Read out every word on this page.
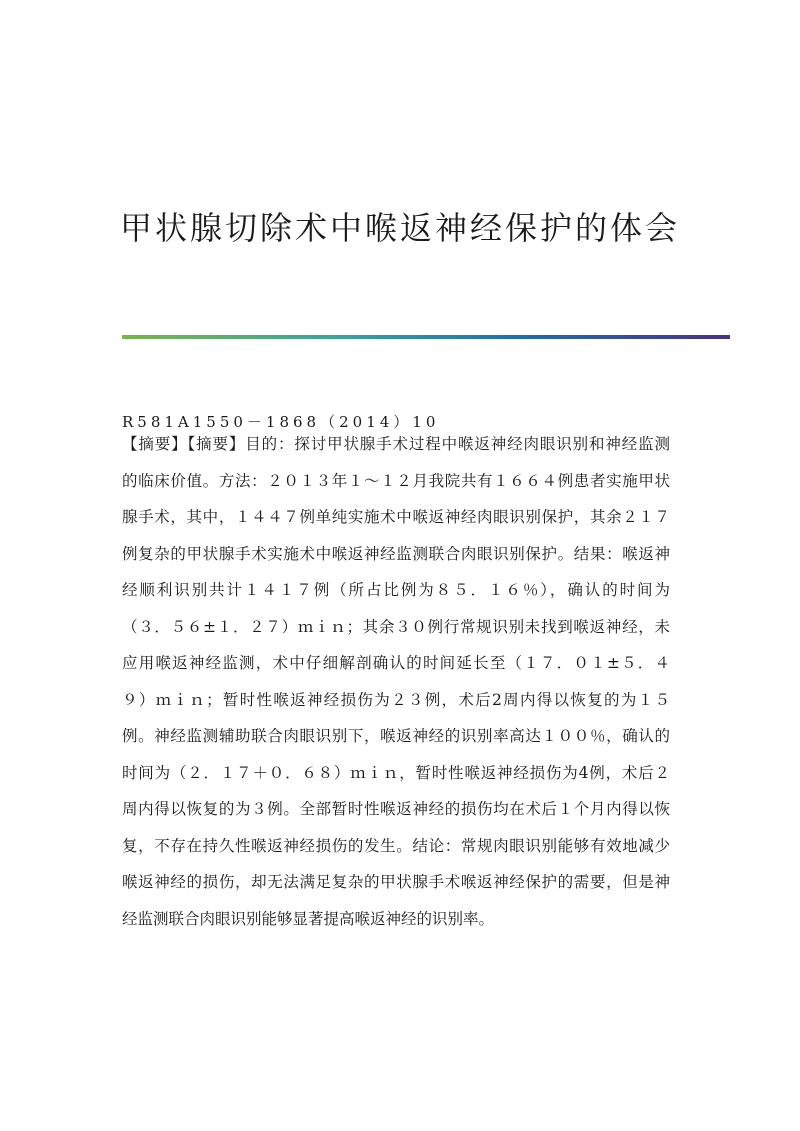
甲状腺切除术中喉返神经保护的体会
R581A1550－1868（2014）10
【摘要】【摘要】目的：探讨甲状腺手术过程中喉返神经肉眼识别和神经监测
的临床价值。方法：２０１３年１～１２月我院共有１６６４例患者实施甲状
腺手术，其中，１４４７例单纯实施术中喉返神经肉眼识别保护，其余２１７
例复杂的甲状腺手术实施术中喉返神经监测联合肉眼识别保护。结果：喉返神
经顺利识别共计１４１７例（所占比例为８５．１６％），确认的时间为
（３．５６±１．２７）ｍｉｎ；其余３０例行常规识别未找到喉返神经，未
应用喉返神经监测，术中仔细解剖确认的时间延长至（１７．０１±５．４
９）ｍｉｎ；暂时性喉返神经损伤为２３例，术后2周内得以恢复的为１５
例。神经监测辅助联合肉眼识别下，喉返神经的识别率高达１００％，确认的
时间为（２．１７＋０．６８）ｍｉｎ，暂时性喉返神经损伤为4例，术后２
周内得以恢复的为３例。全部暂时性喉返神经的损伤均在术后１个月内得以恢
复，不存在持久性喉返神经损伤的发生。结论：常规肉眼识别能够有效地减少
喉返神经的损伤，却无法满足复杂的甲状腺手术喉返神经保护的需要，但是神
经监测联合肉眼识别能够显著提高喉返神经的识别率。
